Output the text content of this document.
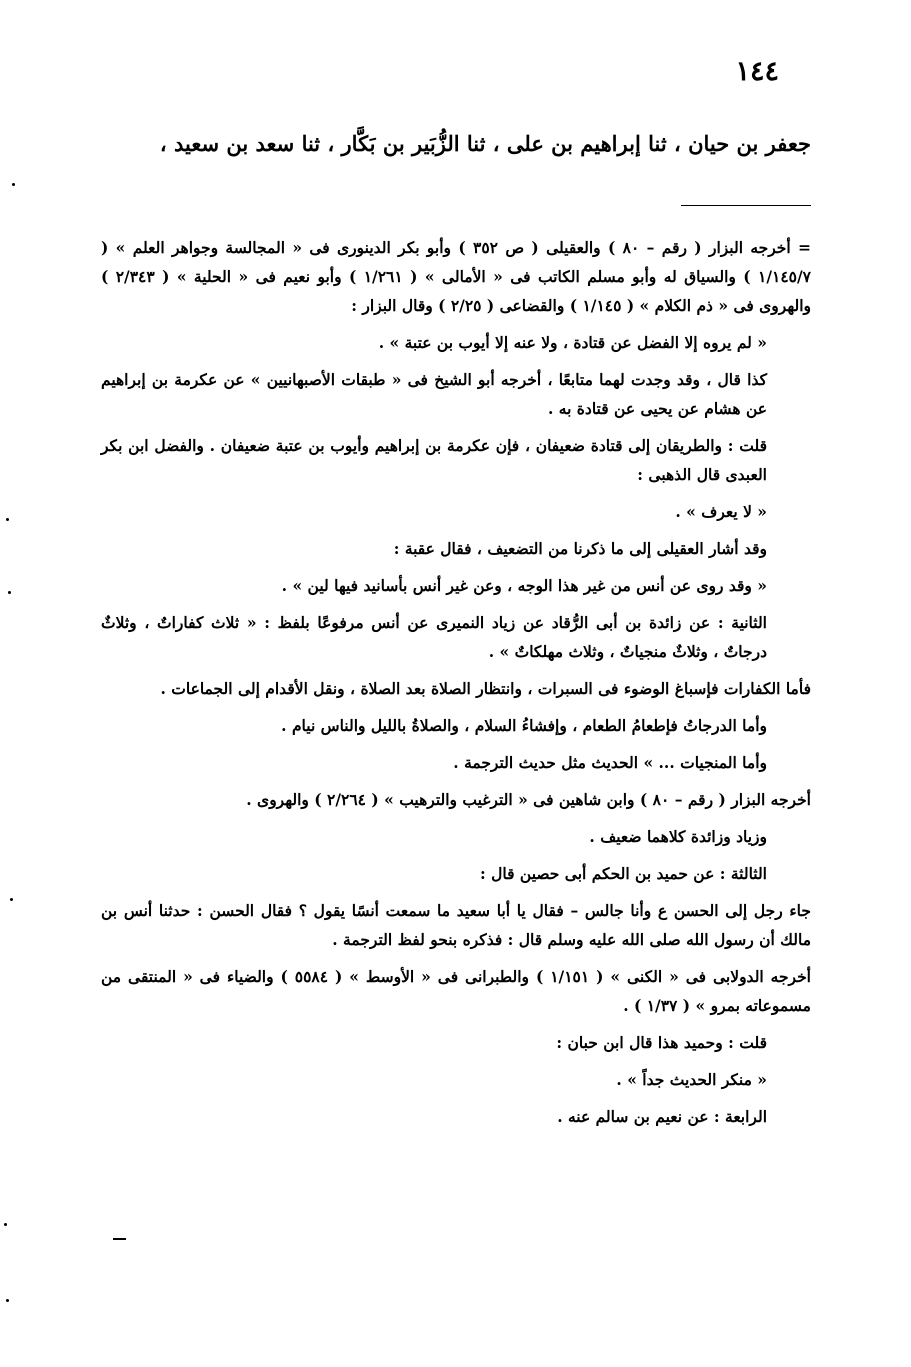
١٤٤
جعفر بن حيان ، ثنا إبراهيم بن على ، ثنا الزُّبَير بن بَكَّار ، ثنا سعد بن سعيد ،

= أخرجه البزار ( رقم – ٨٠ ) والعقيلى ( ص ٣٥٢ ) وأبو بكر الدينورى فى « المجالسة وجواهر العلم » ( ١/١٤٥/٧ ) والسياق له وأبو مسلم الكاتب فى « الأمالى » ( ١/٢٦١ ) وأبو نعيم فى « الحلية » ( ٢/٣٤٣ ) والهروى فى « ذم الكلام » ( ١/١٤٥ ) والقضاعى ( ٢/٢٥ ) وقال البزار :

« لم يروه إلا الفضل عن قتادة ، ولا عنه إلا أيوب بن عتبة » .

كذا قال ، وقد وجدت لهما متابعًا ، أخرجه أبو الشيخ فى « طبقات الأصبهانيين » عن عكرمة بن إبراهيم عن هشام عن يحيى عن قتادة به .

قلت : والطريقان إلى قتادة ضعيفان ، فإن عكرمة بن إبراهيم وأيوب بن عتبة ضعيفان . والفضل ابن بكر العبدى قال الذهبى :

« لا يعرف » .

وقد أشار العقيلى إلى ما ذكرنا من التضعيف ، فقال عقبة :

« وقد روى عن أنس من غير هذا الوجه ، وعن غير أنس بأسانيد فيها لين » .

الثانية : عن زائدة بن أبى الرُّقاد عن زياد النميرى عن أنس مرفوعًا بلفظ : « ثلاث كفاراتٌ ، وثلاثٌ درجاتٌ ، وثلاثٌ منجياتٌ ، وثلاث مهلكاتٌ » .

فأما الكفارات فإسباغ الوضوء فى السبرات ، وانتظار الصلاة بعد الصلاة ، ونقل الأقدام إلى الجماعات .

وأما الدرجاتُ فإطعامُ الطعام ، وإفشاءُ السلام ، والصلاةُ بالليل والناس نيام .

وأما المنجيات ... » الحديث مثل حديث الترجمة .

أخرجه البزار ( رقم – ٨٠ ) وابن شاهين فى « الترغيب والترهيب » ( ٢/٢٦٤ ) والهروى .

وزياد وزائدة كلاهما ضعيف .

الثالثة : عن حميد بن الحكم أبى حصين قال :

جاء رجل إلى الحسن ع وأنا جالس – فقال يا أبا سعيد ما سمعت أنسًا يقول ؟ فقال الحسن : حدثنا أنس بن مالك أن رسول الله صلى الله عليه وسلم قال : فذكره بنحو لفظ الترجمة .

أخرجه الدولابى فى « الكنى » ( ١/١٥١ ) والطبرانى فى « الأوسط » ( ٥٥٨٤ ) والضياء فى « المنتقى من مسموعاته بمرو » ( ١/٣٧ ) .

قلت : وحميد هذا قال ابن حبان :

« منكر الحديث جداً » .

الرابعة : عن نعيم بن سالم عنه .
